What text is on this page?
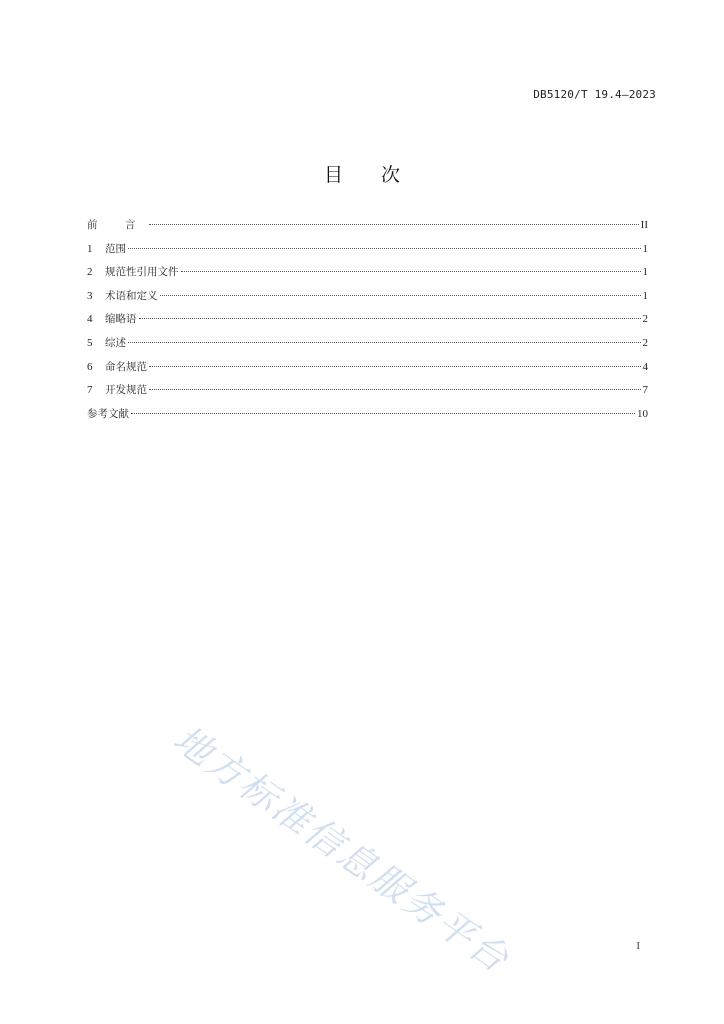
DB5120/T 19.4—2023
目 次
前 言	II
1	范围	1
2	规范性引用文件	1
3	术语和定义	1
4	缩略语	2
5	综述	2
6	命名规范	4
7	开发规范	7
参考文献	10
地方标准信息服务平台	I
